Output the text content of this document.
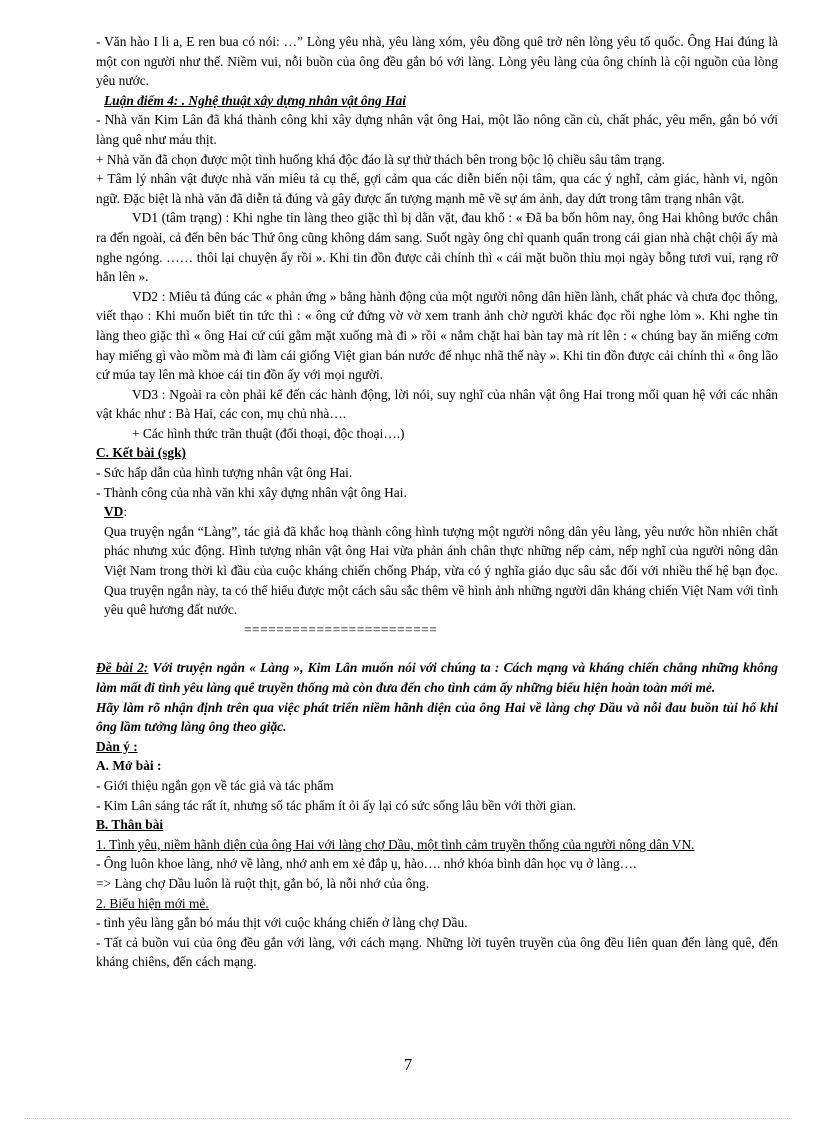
- Văn hào I li a, E ren bua có nói: …” Lòng yêu nhà, yêu làng xóm, yêu đồng quê trở nên lòng yêu tổ quốc. Ông Hai đúng là một con người như thế. Niềm vui, nỗi buồn của ông đều gắn bó với làng. Lòng yêu làng của ông chính là cội nguồn của lòng yêu nước.

Luận điểm 4: . Nghệ thuật xây dựng nhân vật ông Hai

- Nhà văn Kim Lân đã khá thành công khi xây dựng nhân vật ông Hai, một lão nông cần cù, chất phác, yêu mến, gắn bó với làng quê như máu thịt.

+ Nhà văn đã chọn được một tình huống khá độc đáo là sự thử thách bên trong bộc lộ chiều sâu tâm trạng.

+ Tâm lý nhân vật được nhà văn miêu tả cụ thể, gợi cảm qua các diễn biến nội tâm, qua các ý nghĩ, cảm giác, hành vi, ngôn ngữ. Đặc biệt là nhà văn đã diễn tả đúng và gây được ấn tượng mạnh mẽ về sự ám ảnh, day dứt trong tâm trạng nhân vật.

VD1 (tâm trạng) : Khi nghe tin làng theo giặc thì bị dằn vặt, đau khổ : « Đã ba bốn hôm nay, ông Hai không bước chân ra đến ngoài, cả đến bên bác Thứ ông cũng không dám sang. Suốt ngày ông chỉ quanh quẩn trong cái gian nhà chật chội ấy mà nghe ngóng. …… thôi lại chuyện ấy rồi ». Khi tin đồn được cải chính thì « cái mặt buồn thỉu mọi ngày bỗng tươi vui, rạng rỡ hẳn lên ».

VD2 : Miêu tả đúng các « phản ứng » bằng hành động của một người nông dân hiền lành, chất phác và chưa đọc thông, viết thạo : Khi muốn biết tin tức thì : « ông cứ đứng vờ vờ xem tranh ảnh chờ người khác đọc rồi nghe lỏm ». Khi nghe tin làng theo giặc thì « ông Hai cứ cúi gằm mặt xuống mà đi » rồi « nắm chặt hai bàn tay mà rít lên : « chúng bay ăn miếng cơm hay miếng gì vào mồm mà đi làm cái giống Việt gian bán nước để nhục nhã thế này ». Khi tin đồn được cải chính thì « ông lão cứ múa tay lên mà khoe cái tin đồn ấy với mọi người.

VD3 : Ngoài ra còn phải kể đến các hành động, lời nói, suy nghĩ của nhân vật ông Hai trong mối quan hệ với các nhân vật khác như : Bà Hai, các con, mụ chủ nhà….

+ Các hình thức trần thuật (đối thoại, độc thoại….)

C. Kết bài (sgk)

- Sức hấp dẫn của hình tượng nhân vật ông Hai.

- Thành công của nhà văn khi xây dựng nhân vật ông Hai.

VD:

Qua truyện ngắn “Làng”, tác giả đã khắc hoạ thành công hình tượng một người nông dân yêu làng, yêu nước hồn nhiên chất phác nhưng xúc động. Hình tượng nhân vật ông Hai vừa phản ánh chân thực những nếp cảm, nếp nghĩ của người nông dân Việt Nam trong thời kì đầu của cuộc kháng chiến chống Pháp, vừa có ý nghĩa giáo dục sâu sắc đối với nhiều thế hệ bạn đọc. Qua truyện ngắn này, ta có thể hiểu được một cách sâu sắc thêm về hình ảnh những người dân kháng chiến Việt Nam với tình yêu quê hương đất nước.

========================

Đề bài 2: Với truyện ngắn « Làng », Kim Lân muốn nói với chúng ta : Cách mạng và kháng chiến chẳng những không làm mất đi tình yêu làng quê truyền thống mà còn đưa đến cho tình cảm ấy những biểu hiện hoàn toàn mới mẻ.

Hãy làm rõ nhận định trên qua việc phát triển niềm hãnh diện của ông Hai về làng chợ Dầu và nỗi đau buồn tủi hổ khi ông lầm tưởng làng ông theo giặc.

Dàn ý :

A. Mở bài :

- Giới thiệu ngắn gọn về tác giả và tác phẩm

- Kim Lân sáng tác rất ít, nhưng số tác phẩm ít ỏi ấy lại có sức sống lâu bền với thời gian.

B. Thân bài

1. Tình yêu, niềm hãnh diện của ông Hai với làng chợ Dầu, một tình cảm truyền thống của người nông dân VN.

- Ông luôn khoe làng, nhớ về làng, nhớ anh em xẻ đắp ụ, hào…. nhớ khóa bình dân học vụ ở làng….

=> Làng chợ Dầu luôn là ruột thịt, gắn bó, là nỗi nhớ của ông.

2. Biểu hiện mới mẻ.

- tình yêu làng gắn bó máu thịt với cuộc kháng chiến ở làng chợ Dầu.

- Tất cả buồn vui của ông đều gắn với làng, với cách mạng. Những lời tuyên truyền của ông đều liên quan đến làng quê, đến kháng chiêns, đến cách mạng.

7
